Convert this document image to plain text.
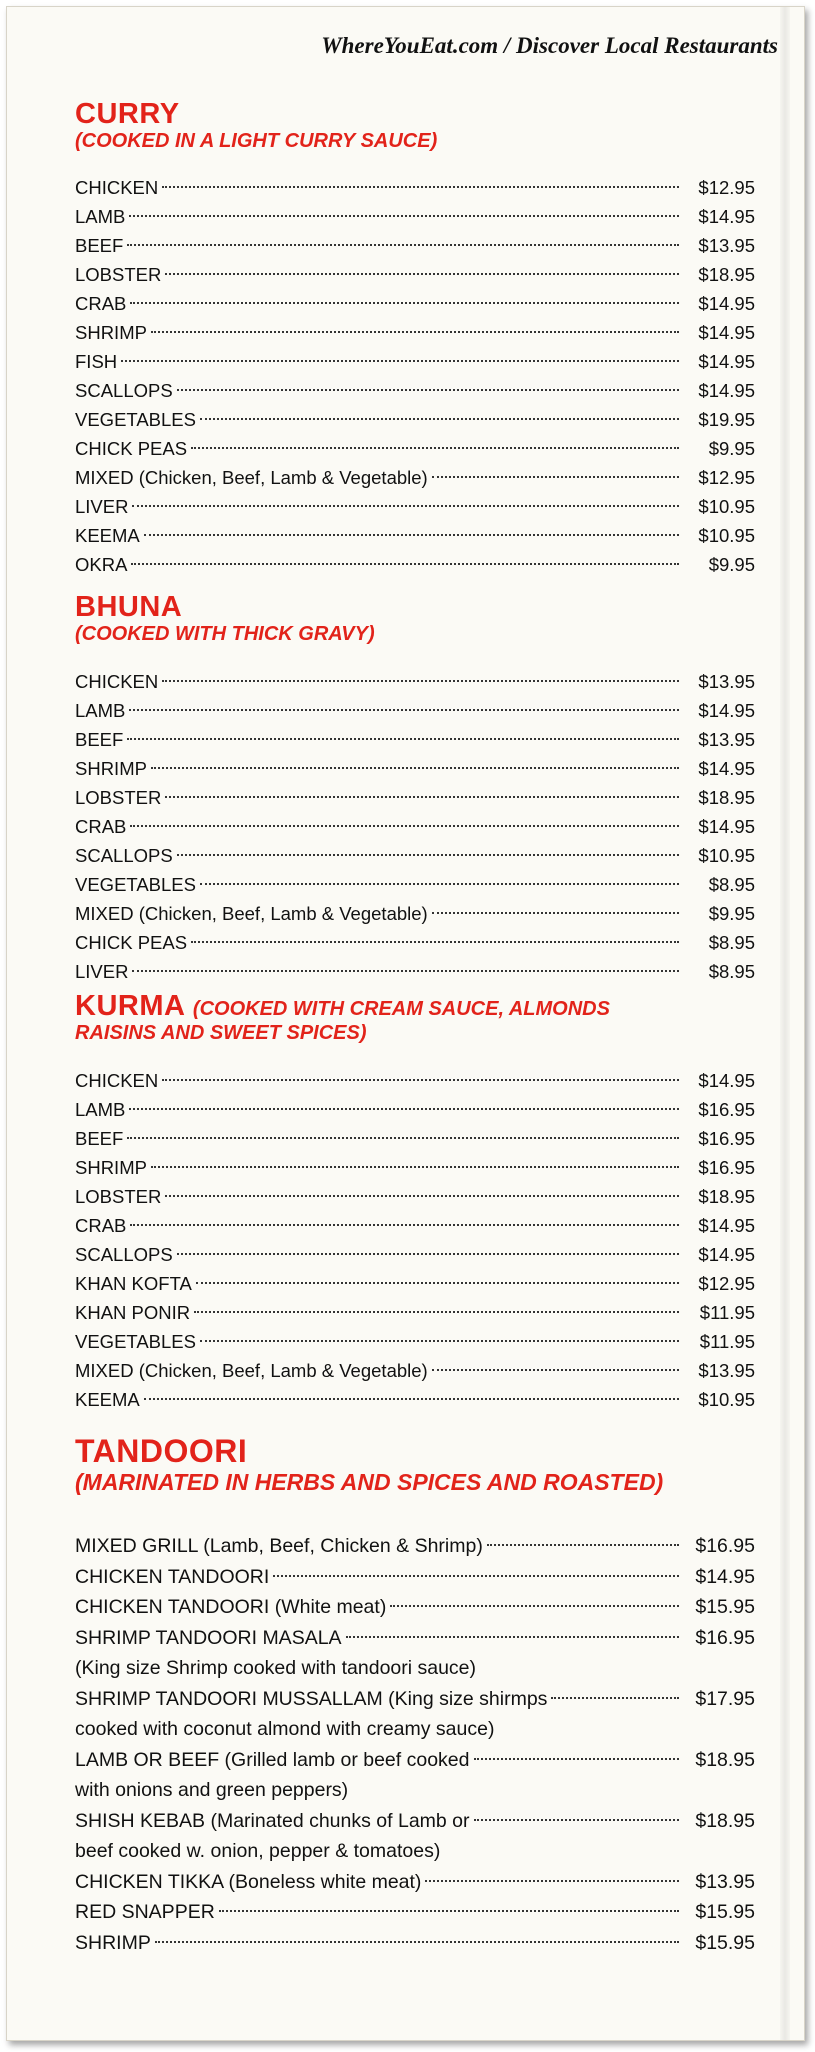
WhereYouEat.com / Discover Local Restaurants
CURRY
(COOKED IN A LIGHT CURRY SAUCE)
CHICKEN	$12.95
LAMB	$14.95
BEEF	$13.95
LOBSTER	$18.95
CRAB	$14.95
SHRIMP	$14.95
FISH	$14.95
SCALLOPS	$14.95
VEGETABLES	$19.95
CHICK PEAS	$9.95
MIXED (Chicken, Beef, Lamb & Vegetable)	$12.95
LIVER	$10.95
KEEMA	$10.95
OKRA	$9.95
BHUNA
(COOKED WITH THICK GRAVY)
CHICKEN	$13.95
LAMB	$14.95
BEEF	$13.95
SHRIMP	$14.95
LOBSTER	$18.95
CRAB	$14.95
SCALLOPS	$10.95
VEGETABLES	$8.95
MIXED (Chicken, Beef, Lamb & Vegetable)	$9.95
CHICK PEAS	$8.95
LIVER	$8.95
KURMA (COOKED WITH CREAM SAUCE, ALMONDS
RAISINS AND SWEET SPICES)
CHICKEN	$14.95
LAMB	$16.95
BEEF	$16.95
SHRIMP	$16.95
LOBSTER	$18.95
CRAB	$14.95
SCALLOPS	$14.95
KHAN KOFTA	$12.95
KHAN PONIR	$11.95
VEGETABLES	$11.95
MIXED (Chicken, Beef, Lamb & Vegetable)	$13.95
KEEMA	$10.95
TANDOORI
(MARINATED IN HERBS AND SPICES AND ROASTED)
MIXED GRILL (Lamb, Beef, Chicken & Shrimp)	$16.95
CHICKEN TANDOORI	$14.95
CHICKEN TANDOORI (White meat)	$15.95
SHRIMP TANDOORI MASALA	$16.95
(King size Shrimp cooked with tandoori sauce)
SHRIMP TANDOORI MUSSALLAM (King size shirmps	$17.95
cooked with coconut almond with creamy sauce)
LAMB OR BEEF (Grilled lamb or beef cooked	$18.95
with onions and green peppers)
SHISH KEBAB (Marinated chunks of Lamb or	$18.95
beef cooked w. onion, pepper & tomatoes)
CHICKEN TIKKA (Boneless white meat)	$13.95
RED SNAPPER	$15.95
SHRIMP	$15.95
